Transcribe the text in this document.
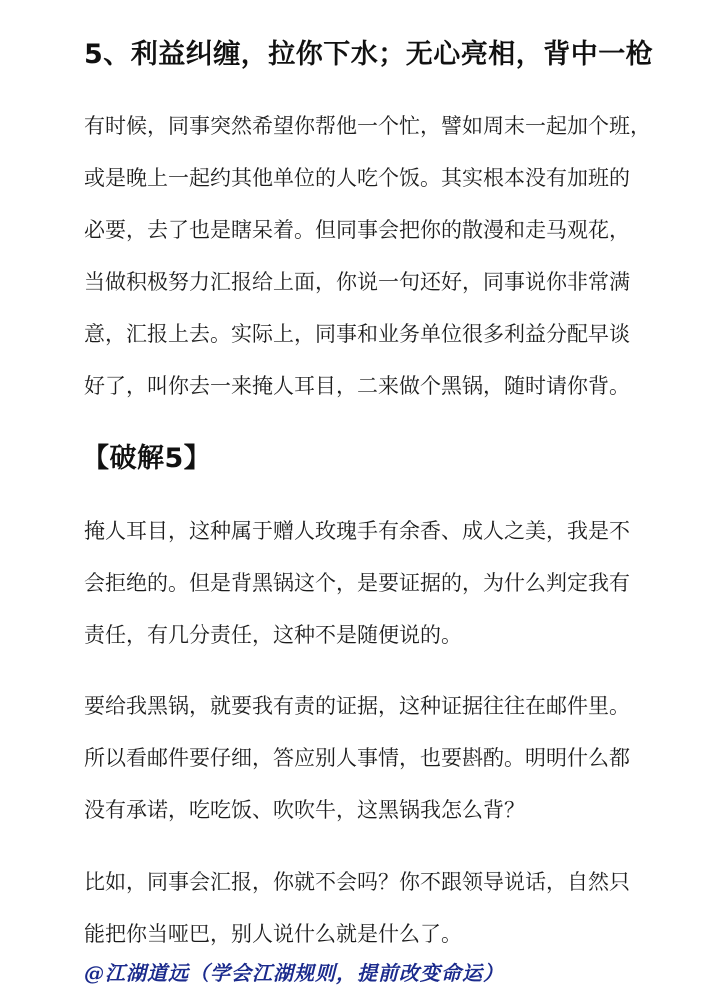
5、利益纠缠，拉你下水；无心亮相，背中一枪
有时候，同事突然希望你帮他一个忙，譬如周末一起加个班，
或是晚上一起约其他单位的人吃个饭。其实根本没有加班的
必要，去了也是瞎呆着。但同事会把你的散漫和走马观花，
当做积极努力汇报给上面，你说一句还好，同事说你非常满
意，汇报上去。实际上，同事和业务单位很多利益分配早谈
好了，叫你去一来掩人耳目，二来做个黑锅，随时请你背。
【破解5】
掩人耳目，这种属于赠人玫瑰手有余香、成人之美，我是不
会拒绝的。但是背黑锅这个，是要证据的，为什么判定我有
责任，有几分责任，这种不是随便说的。
要给我黑锅，就要我有责的证据，这种证据往往在邮件里。
所以看邮件要仔细，答应别人事情，也要斟酌。明明什么都
没有承诺，吃吃饭、吹吹牛，这黑锅我怎么背？
比如，同事会汇报，你就不会吗？你不跟领导说话，自然只
能把你当哑巴，别人说什么就是什么了。
@江湖道远（学会江湖规则，提前改变命运）
